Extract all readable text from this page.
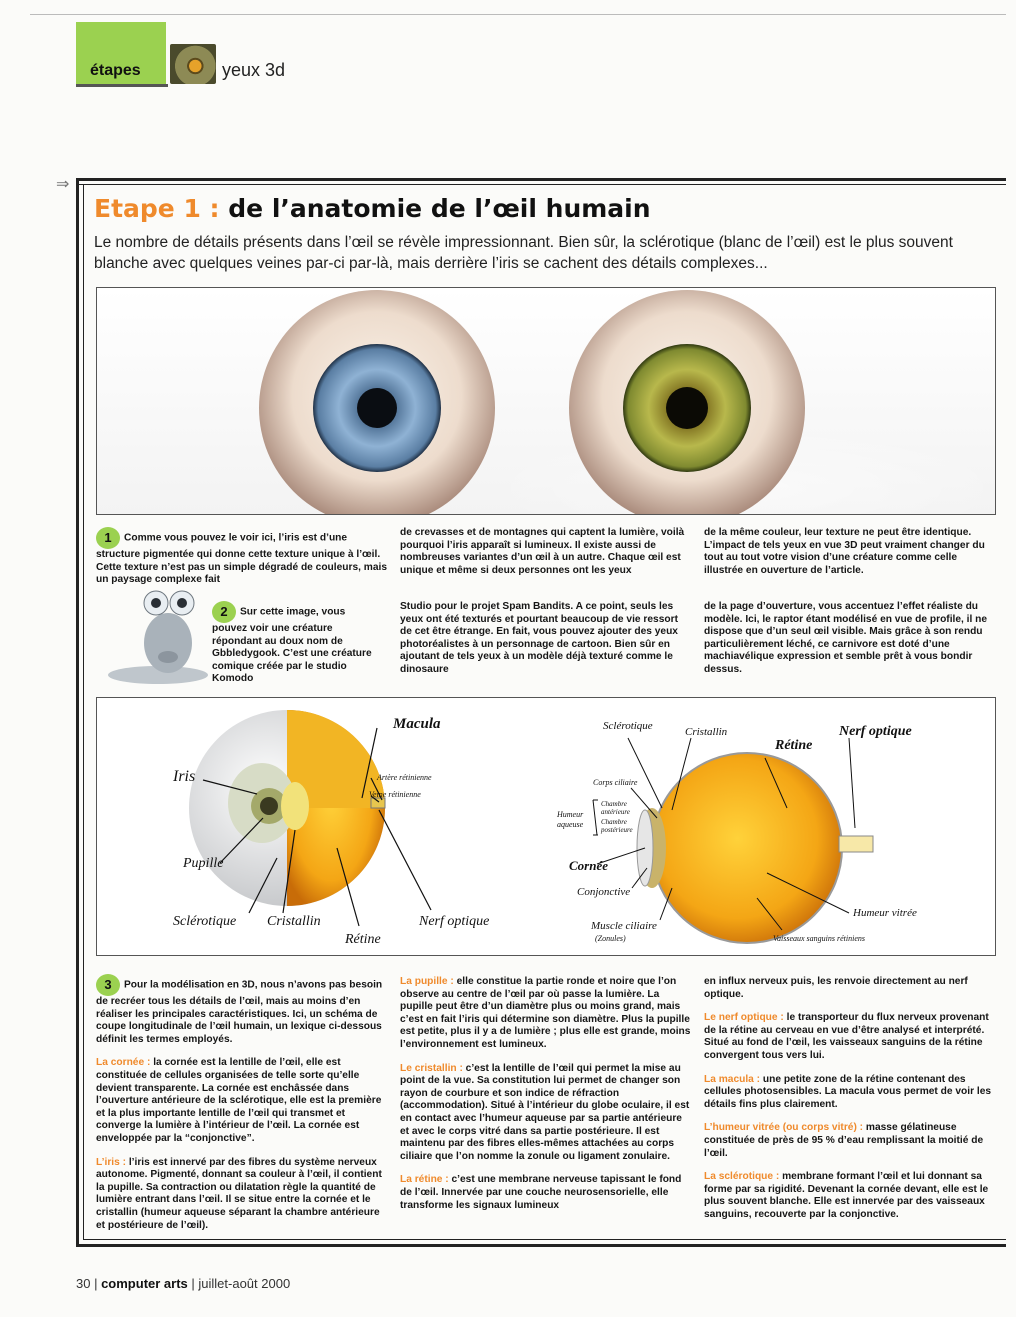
étapes	yeux 3d
⇒
Etape 1 : de l’anatomie de l’œil humain
Le nombre de détails présents dans l’œil se révèle impressionnant. Bien sûr, la sclérotique (blanc de l’œil) est le plus souvent blanche avec quelques veines par-ci par-là, mais derrière l’iris se cachent des détails complexes...

1 Comme vous pouvez le voir ici, l’iris est d’une structure pigmentée qui donne cette texture unique à l’œil. Cette texture n’est pas un simple dégradé de couleurs, mais un paysage complexe fait

de crevasses et de montagnes qui captent la lumière, voilà pourquoi l’iris apparaît si lumineux. Il existe aussi de nombreuses variantes d’un œil à un autre. Chaque œil est unique et même si deux personnes ont les yeux

de la même couleur, leur texture ne peut être identique. L’impact de tels yeux en vue 3D peut vraiment changer du tout au tout votre vision d’une créature comme celle illustrée en ouverture de l’article.

2 Sur cette image, vous pouvez voir une créature répondant au doux nom de Gbbledygook. C’est une créature comique créée par le studio Komodo

Studio pour le projet Spam Bandits. A ce point, seuls les yeux ont été texturés et pourtant beaucoup de vie ressort de cet être étrange. En fait, vous pouvez ajouter des yeux photoréalistes à un personnage de cartoon. Bien sûr en ajoutant de tels yeux à un modèle déjà texturé comme le dinosaure

de la page d’ouverture, vous accentuez l’effet réaliste du modèle. Ici, le raptor étant modélisé en vue de profile, il ne dispose que d’un seul œil visible. Mais grâce à son rendu particulièrement léché, ce carnivore est doté d’une machiavélique expression et semble prêt à vous bondir dessus.

Macula
Iris	Artère rétinienne
Veine rétinienne
Pupille
Sclérotique Cristallin
Rétine
Nerf optique
Sclérotique	Cristallin
Rétine
Nerf optique
Corps ciliaire
Humeur
aqueuse
Chambre
antérieure
Chambre
postérieure
Cornée
Conjonctive
Muscle ciliaire
(Zonules)
Humeur vitrée
Vaisseaux sanguins rétiniens

3 Pour la modélisation en 3D, nous n’avons pas besoin de recréer tous les détails de l’œil, mais au moins d’en réaliser les principales caractéristiques. Ici, un schéma de coupe longitudinale de l’œil humain, un lexique ci-dessous définit les termes employés.

La cornée : la cornée est la lentille de l’œil, elle est constituée de cellules organisées de telle sorte qu’elle devient transparente. La cornée est enchâssée dans l’ouverture antérieure de la sclérotique, elle est la première et la plus importante lentille de l’œil qui transmet et converge la lumière à l’intérieur de l’œil. La cornée est enveloppée par la “conjonctive”.

L’iris : l’iris est innervé par des fibres du système nerveux autonome. Pigmenté, donnant sa couleur à l’œil, il contient la pupille. Sa contraction ou dilatation règle la quantité de lumière entrant dans l’œil. Il se situe entre la cornée et le cristallin (humeur aqueuse séparant la chambre antérieure et postérieure de l’œil).

La pupille : elle constitue la partie ronde et noire que l’on observe au centre de l’œil par où passe la lumière. La pupille peut être d’un diamètre plus ou moins grand, mais c’est en fait l’iris qui détermine son diamètre. Plus la pupille est petite, plus il y a de lumière ; plus elle est grande, moins l’environnement est lumineux.

Le cristallin : c’est la lentille de l’œil qui permet la mise au point de la vue. Sa constitution lui permet de changer son rayon de courbure et son indice de réfraction (accommodation). Situé à l’intérieur du globe oculaire, il est en contact avec l’humeur aqueuse par sa partie antérieure et avec le corps vitré dans sa partie postérieure. Il est maintenu par des fibres elles-mêmes attachées au corps ciliaire que l’on nomme la zonule ou ligament zonulaire.

La rétine : c’est une membrane nerveuse tapissant le fond de l’œil. Innervée par une couche neurosensorielle, elle transforme les signaux lumineux

en influx nerveux puis, les renvoie directement au nerf optique.

Le nerf optique : le transporteur du flux nerveux provenant de la rétine au cerveau en vue d’être analysé et interprété. Situé au fond de l’œil, les vaisseaux sanguins de la rétine convergent tous vers lui.

La macula : une petite zone de la rétine contenant des cellules photosensibles. La macula vous permet de voir les détails fins plus clairement.

L’humeur vitrée (ou corps vitré) : masse gélatineuse constituée de près de 95 % d’eau remplissant la moitié de l’œil.

La sclérotique : membrane formant l’œil et lui donnant sa forme par sa rigidité. Devenant la cornée devant, elle est le plus souvent blanche. Elle est innervée par des vaisseaux sanguins, recouverte par la conjonctive.

30 | computer arts | juillet-août 2000
